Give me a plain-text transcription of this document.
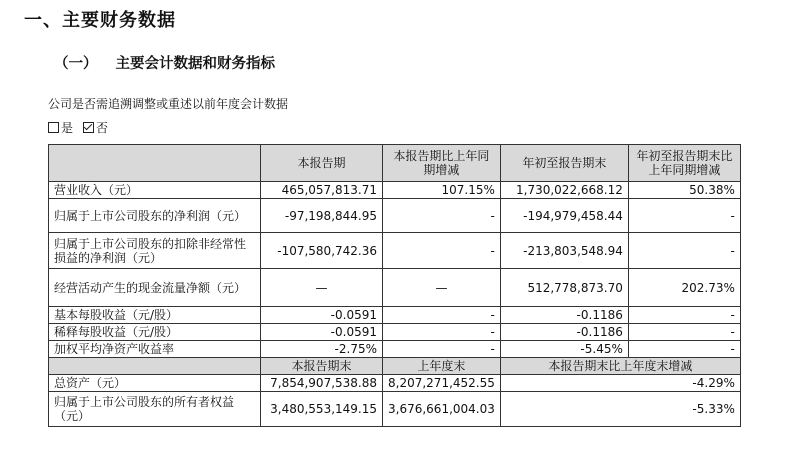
一、主要财务数据
（一） 主要会计数据和财务指标
公司是否需追溯调整或重述以前年度会计数据
是 否
	本报告期	本报告期比上年同期增减	年初至报告期末	年初至报告期末比上年同期增减
营业收入（元）	465,057,813.71	107.15%	1,730,022,668.12	50.38%
归属于上市公司股东的净利润（元）	-97,198,844.95	-	-194,979,458.44	-
归属于上市公司股东的扣除非经常性损益的净利润（元）	-107,580,742.36	-	-213,803,548.94	-
经营活动产生的现金流量净额（元）	—	—	512,778,873.70	202.73%
基本每股收益（元/股）	-0.0591	-	-0.1186	-
稀释每股收益（元/股）	-0.0591	-	-0.1186	-
加权平均净资产收益率	-2.75%	-	-5.45%	-
	本报告期末	上年度末	本报告期末比上年度末增减	
总资产（元）	7,854,907,538.88	8,207,271,452.55	-4.29%	
归属于上市公司股东的所有者权益（元）	3,480,553,149.15	3,676,661,004.03	-5.33%	
